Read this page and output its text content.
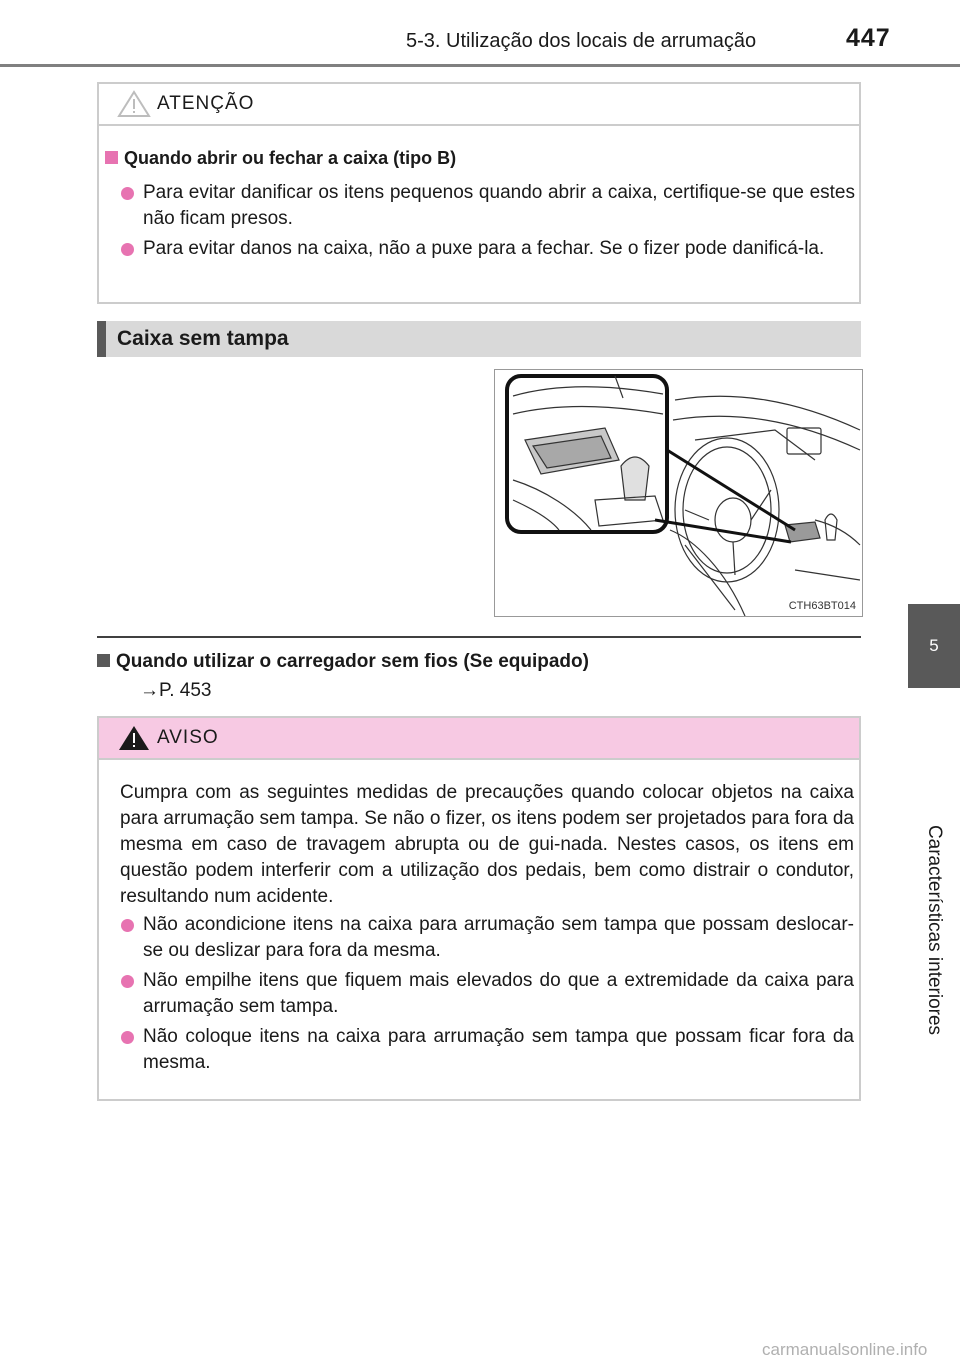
5-3. Utilização dos locais de arrumação	447
5
Características interiores
ATENÇÃO
Quando abrir ou fechar a caixa (tipo B)
Para evitar danificar os itens pequenos quando abrir a caixa, certifique-se que estes não ficam presos.
Para evitar danos na caixa, não a puxe para a fechar. Se o fizer pode danificá-la.
Caixa sem tampa
CTH63BT014
Quando utilizar o carregador sem fios (Se equipado)
→P. 453
AVISO
Cumpra com as seguintes medidas de precauções quando colocar objetos na caixa para arrumação sem tampa. Se não o fizer, os itens podem ser projetados para fora da mesma em caso de travagem abrupta ou de gui-nada. Nestes casos, os itens em questão podem interferir com a utilização dos pedais, bem como distrair o condutor, resultando num acidente.
Não acondicione itens na caixa para arrumação sem tampa que possam deslocar-se ou deslizar para fora da mesma.
Não empilhe itens que fiquem mais elevados do que a extremidade da caixa para arrumação sem tampa.
Não coloque itens na caixa para arrumação sem tampa que possam ficar fora da mesma.
carmanualsonline.info
